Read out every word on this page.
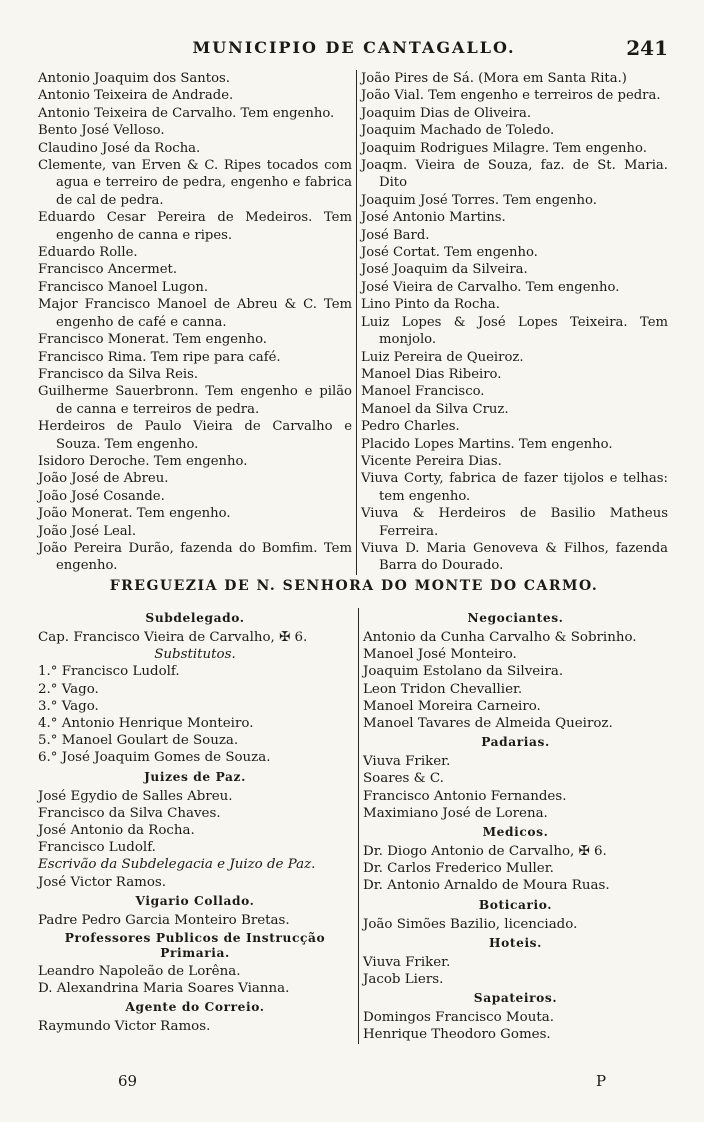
MUNICIPIO DE CANTAGALLO.	241
Antonio Joaquim dos Santos.
Antonio Teixeira de Andrade.
Antonio Teixeira de Carvalho. Tem engenho.
Bento José Velloso.
Claudino José da Rocha.
Clemente, van Erven & C. Ripes tocados com agua e terreiro de pedra, engenho e fabrica de cal de pedra.
Eduardo Cesar Pereira de Medeiros. Tem engenho de canna e ripes.
Eduardo Rolle.
Francisco Ancermet.
Francisco Manoel Lugon.
Major Francisco Manoel de Abreu & C. Tem engenho de café e canna.
Francisco Monerat. Tem engenho.
Francisco Rima. Tem ripe para café.
Francisco da Silva Reis.
Guilherme Sauerbronn. Tem engenho e pilão de canna e terreiros de pedra.
Herdeiros de Paulo Vieira de Carvalho e Souza. Tem engenho.
Isidoro Deroche. Tem engenho.
João José de Abreu.
João José Cosande.
João Monerat. Tem engenho.
João José Leal.
João Pereira Durão, fazenda do Bomfim. Tem engenho.
João Pires de Sá. (Mora em Santa Rita.)
João Vial. Tem engenho e terreiros de pedra.
Joaquim Dias de Oliveira.
Joaquim Machado de Toledo.
Joaquim Rodrigues Milagre. Tem engenho.
Joaqm. Vieira de Souza, faz. de St. Maria. Dito
Joaquim José Torres. Tem engenho.
José Antonio Martins.
José Bard.
José Cortat. Tem engenho.
José Joaquim da Silveira.
José Vieira de Carvalho. Tem engenho.
Lino Pinto da Rocha.
Luiz Lopes & José Lopes Teixeira. Tem monjolo.
Luiz Pereira de Queiroz.
Manoel Dias Ribeiro.
Manoel Francisco.
Manoel da Silva Cruz.
Pedro Charles.
Placido Lopes Martins. Tem engenho.
Vicente Pereira Dias.
Viuva Corty, fabrica de fazer tijolos e telhas: tem engenho.
Viuva & Herdeiros de Basilio Matheus Ferreira.
Viuva D. Maria Genoveva & Filhos, fazenda Barra do Dourado.
FREGUEZIA DE N. SENHORA DO MONTE DO CARMO.
Subdelegado.
Cap. Francisco Vieira de Carvalho, ✠ 6.
Substitutos.
1.° Francisco Ludolf.
2.° Vago.
3.° Vago.
4.° Antonio Henrique Monteiro.
5.° Manoel Goulart de Souza.
6.° José Joaquim Gomes de Souza.
Juizes de Paz.
José Egydio de Salles Abreu.
Francisco da Silva Chaves.
José Antonio da Rocha.
Francisco Ludolf.
Escrivão da Subdelegacia e Juizo de Paz.
José Victor Ramos.
Vigario Collado.
Padre Pedro Garcia Monteiro Bretas.
Professores Publicos de Instrucção
Primaria.
Leandro Napoleão de Lorêna.
D. Alexandrina Maria Soares Vianna.
Agente do Correio.
Raymundo Victor Ramos.
Negociantes.
Antonio da Cunha Carvalho & Sobrinho.
Manoel José Monteiro.
Joaquim Estolano da Silveira.
Leon Tridon Chevallier.
Manoel Moreira Carneiro.
Manoel Tavares de Almeida Queiroz.
Padarias.
Viuva Friker.
Soares & C.
Francisco Antonio Fernandes.
Maximiano José de Lorena.
Medicos.
Dr. Diogo Antonio de Carvalho, ✠ 6.
Dr. Carlos Frederico Muller.
Dr. Antonio Arnaldo de Moura Ruas.
Boticario.
João Simões Bazilio, licenciado.
Hoteis.
Viuva Friker.
Jacob Liers.
Sapateiros.
Domingos Francisco Mouta.
Henrique Theodoro Gomes.
69	P
